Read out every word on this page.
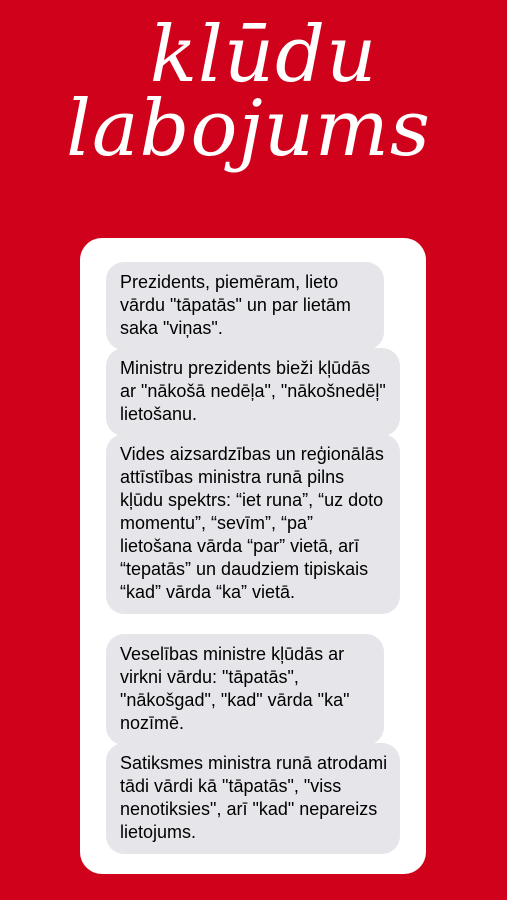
klūdu
labojums
Prezidents, piemēram, lieto vārdu "tāpatās" un par lietām saka "viņas".
Ministru prezidents bieži kļūdās ar "nākošā nedēļa", "nākošnedēļ" lietošanu.
Vides aizsardzības un reģionālās attīstības ministra runā pilns kļūdu spektrs: “iet runa”, “uz doto momentu”, “sevīm”, “pa” lietošana vārda “par” vietā, arī “tepatās” un daudziem tipiskais “kad” vārda “ka” vietā.
Veselības ministre kļūdās ar virkni vārdu: "tāpatās", "nākošgad", "kad" vārda "ka" nozīmē.
Satiksmes ministra runā atrodami tādi vārdi kā "tāpatās", "viss nenotiksies", arī "kad" nepareizs lietojums.
